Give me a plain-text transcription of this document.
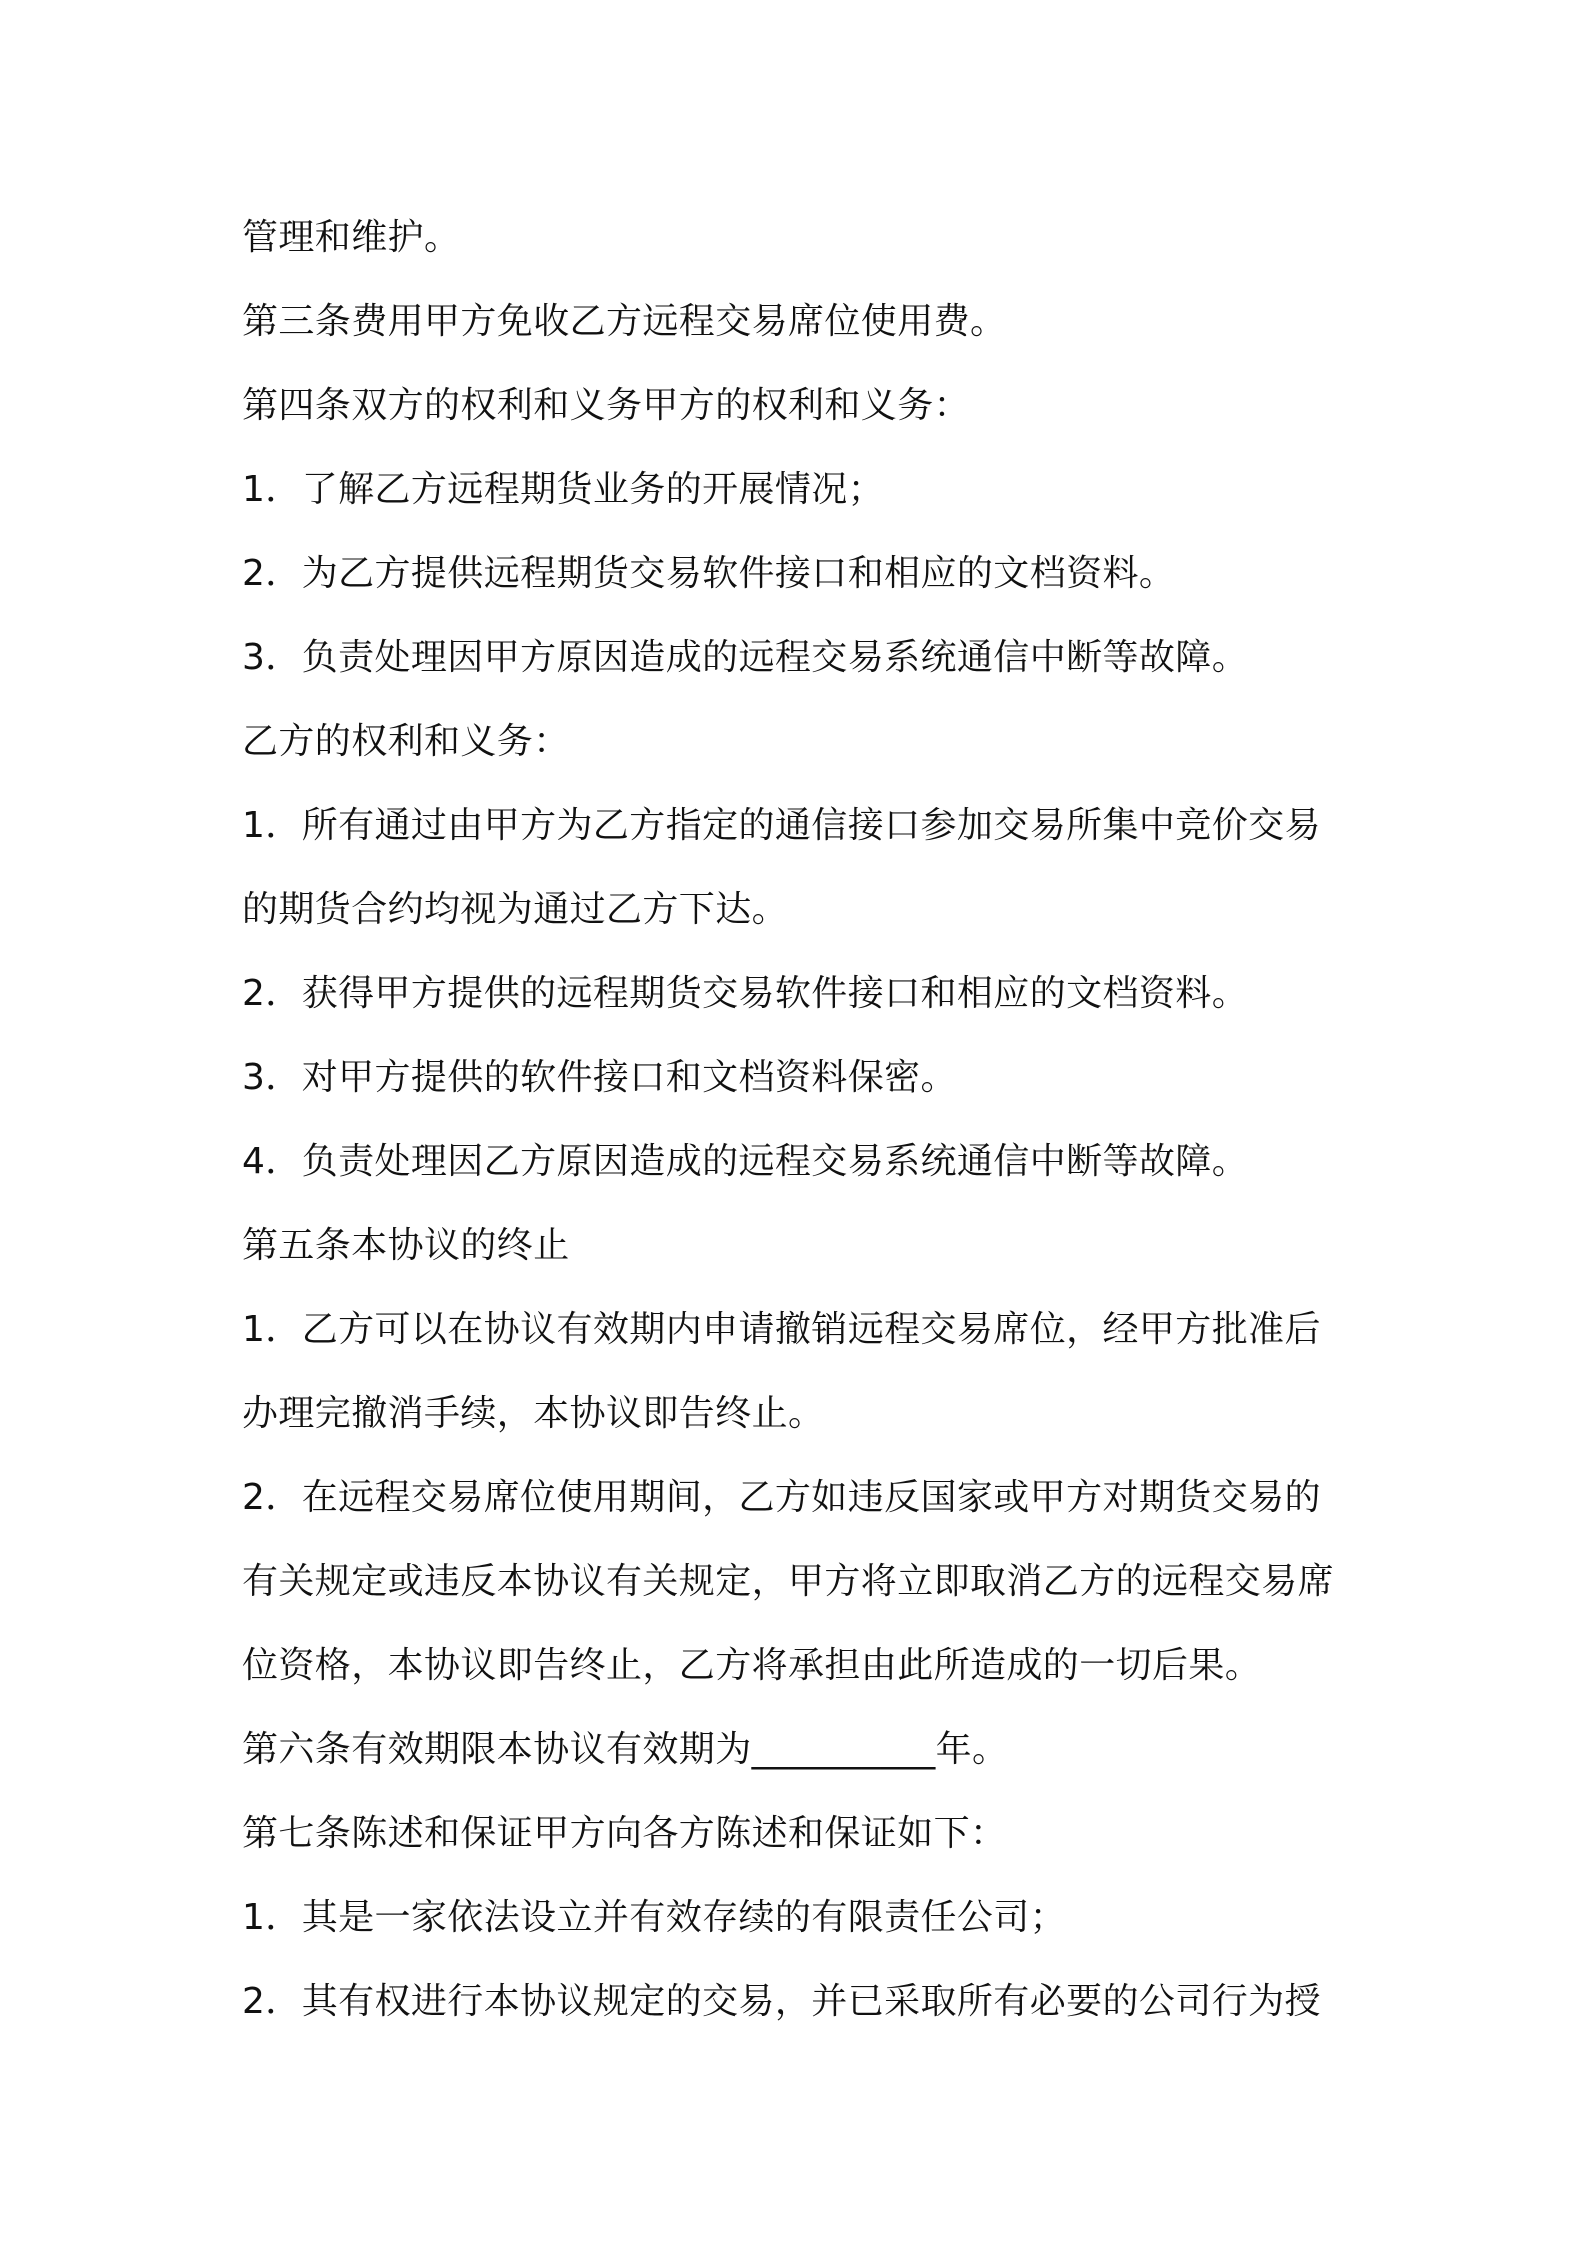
管理和维护。
第三条费用甲方免收乙方远程交易席位使用费。
第四条双方的权利和义务甲方的权利和义务：
1．了解乙方远程期货业务的开展情况；
2．为乙方提供远程期货交易软件接口和相应的文档资料。
3．负责处理因甲方原因造成的远程交易系统通信中断等故障。
乙方的权利和义务：
1．所有通过由甲方为乙方指定的通信接口参加交易所集中竞价交易
的期货合约均视为通过乙方下达。
2．获得甲方提供的远程期货交易软件接口和相应的文档资料。
3．对甲方提供的软件接口和文档资料保密。
4．负责处理因乙方原因造成的远程交易系统通信中断等故障。
第五条本协议的终止
1．乙方可以在协议有效期内申请撤销远程交易席位，经甲方批准后
办理完撤消手续，本协议即告终止。
2．在远程交易席位使用期间，乙方如违反国家或甲方对期货交易的
有关规定或违反本协议有关规定，甲方将立即取消乙方的远程交易席
位资格，本协议即告终止，乙方将承担由此所造成的一切后果。
第六条有效期限本协议有效期为__________年。
第七条陈述和保证甲方向各方陈述和保证如下：
1．其是一家依法设立并有效存续的有限责任公司；
2．其有权进行本协议规定的交易，并已采取所有必要的公司行为授
